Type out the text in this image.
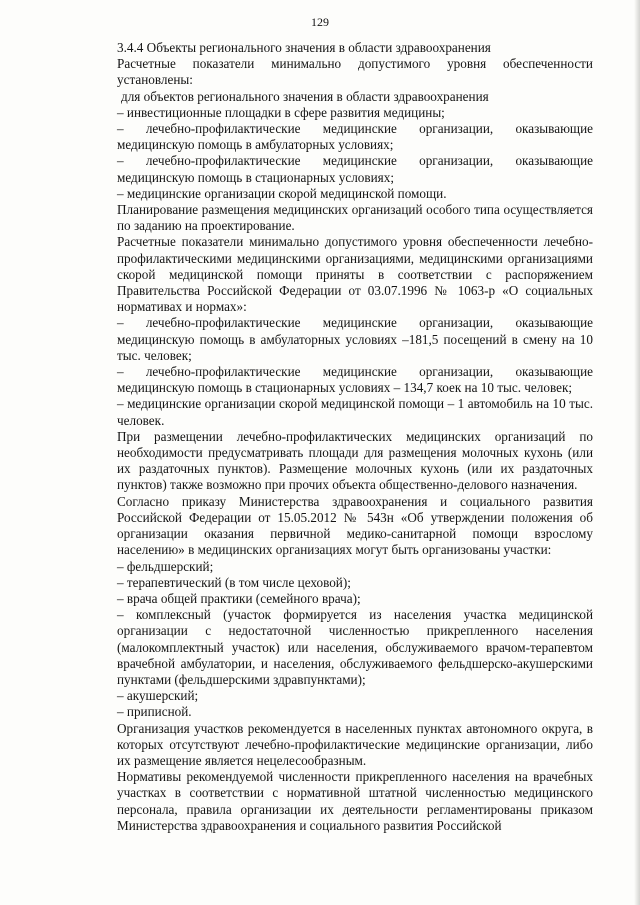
129

3.4.4 Объекты регионального значения в области здравоохранения

Расчетные показатели минимально допустимого уровня обеспеченности установлены:

для объектов регионального значения в области здравоохранения

– инвестиционные площадки в сфере развития медицины;

– лечебно-профилактические медицинские организации, оказывающие медицинскую помощь в амбулаторных условиях;

– лечебно-профилактические медицинские организации, оказывающие медицинскую помощь в стационарных условиях;

– медицинские организации скорой медицинской помощи.

Планирование размещения медицинских организаций особого типа осуществляется по заданию на проектирование.

Расчетные показатели минимально допустимого уровня обеспеченности лечебно-профилактическими медицинскими организациями, медицинскими организациями скорой медицинской помощи приняты в соответствии с распоряжением Правительства Российской Федерации от 03.07.1996 № 1063-р «О социальных нормативах и нормах»:

– лечебно-профилактические медицинские организации, оказывающие медицинскую помощь в амбулаторных условиях –181,5 посещений в смену на 10 тыс. человек;

– лечебно-профилактические медицинские организации, оказывающие медицинскую помощь в стационарных условиях – 134,7 коек на 10 тыс. человек;

– медицинские организации скорой медицинской помощи – 1 автомобиль на 10 тыс. человек.

При размещении лечебно-профилактических медицинских организаций по необходимости предусматривать площади для размещения молочных кухонь (или их раздаточных пунктов). Размещение молочных кухонь (или их раздаточных пунктов) также возможно при прочих объекта общественно-делового назначения.

Согласно приказу Министерства здравоохранения и социального развития Российской Федерации от 15.05.2012 № 543н «Об утверждении положения об организации оказания первичной медико-санитарной помощи взрослому населению» в медицинских организациях могут быть организованы участки:

– фельдшерский;

– терапевтический (в том числе цеховой);

– врача общей практики (семейного врача);

– комплексный (участок формируется из населения участка медицинской организации с недостаточной численностью прикрепленного населения (малокомплектный участок) или населения, обслуживаемого врачом-терапевтом врачебной амбулатории, и населения, обслуживаемого фельдшерско-акушерскими пунктами (фельдшерскими здравпунктами);

– акушерский;

– приписной.

Организация участков рекомендуется в населенных пунктах автономного округа, в которых отсутствуют лечебно-профилактические медицинские организации, либо их размещение является нецелесообразным.

Нормативы рекомендуемой численности прикрепленного населения на врачебных участках в соответствии с нормативной штатной численностью медицинского персонала, правила организации их деятельности регламентированы приказом Министерства здравоохранения и социального развития Российской
